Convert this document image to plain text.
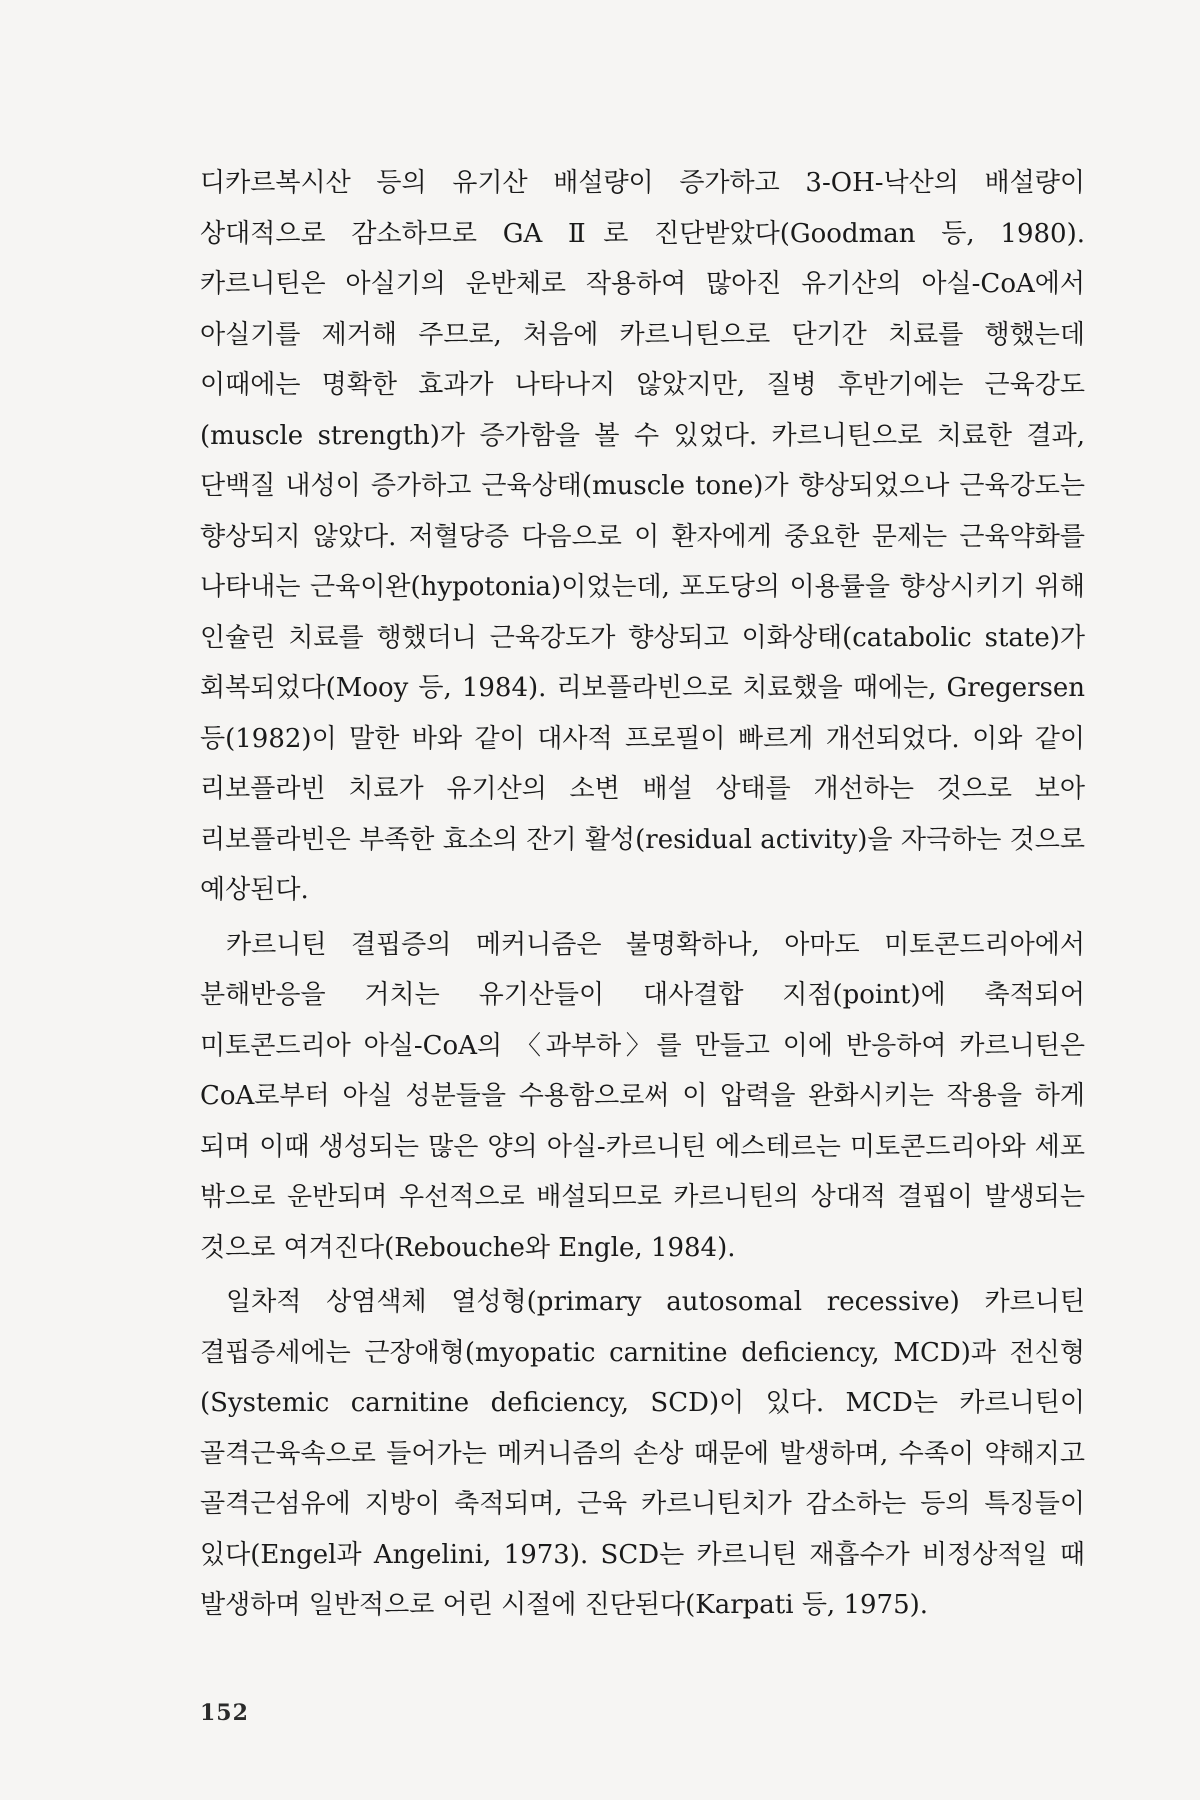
디카르복시산 등의 유기산 배설량이 증가하고 3-OH-낙산의 배설량이 상대적으로 감소하므로 GA Ⅱ로 진단받았다(Goodman 등, 1980). 카르니틴은 아실기의 운반체로 작용하여 많아진 유기산의 아실-CoA에서 아실기를 제거해 주므로, 처음에 카르니틴으로 단기간 치료를 행했는데 이때에는 명확한 효과가 나타나지 않았지만, 질병 후반기에는 근육강도(muscle strength)가 증가함을 볼 수 있었다. 카르니틴으로 치료한 결과, 단백질 내성이 증가하고 근육상태(muscle tone)가 향상되었으나 근육강도는 향상되지 않았다. 저혈당증 다음으로 이 환자에게 중요한 문제는 근육약화를 나타내는 근육이완(hypotonia)이었는데, 포도당의 이용률을 향상시키기 위해 인슐린 치료를 행했더니 근육강도가 향상되고 이화상태(catabolic state)가 회복되었다(Mooy 등, 1984). 리보플라빈으로 치료했을 때에는, Gregersen 등(1982)이 말한 바와 같이 대사적 프로필이 빠르게 개선되었다. 이와 같이 리보플라빈 치료가 유기산의 소변 배설 상태를 개선하는 것으로 보아 리보플라빈은 부족한 효소의 잔기 활성(residual activity)을 자극하는 것으로 예상된다.

카르니틴 결핍증의 메커니즘은 불명확하나, 아마도 미토콘드리아에서 분해반응을 거치는 유기산들이 대사결합 지점(point)에 축적되어 미토콘드리아 아실-CoA의 〈과부하〉를 만들고 이에 반응하여 카르니틴은 CoA로부터 아실 성분들을 수용함으로써 이 압력을 완화시키는 작용을 하게 되며 이때 생성되는 많은 양의 아실-카르니틴 에스테르는 미토콘드리아와 세포 밖으로 운반되며 우선적으로 배설되므로 카르니틴의 상대적 결핍이 발생되는 것으로 여겨진다(Rebouche와 Engle, 1984).

일차적 상염색체 열성형(primary autosomal recessive) 카르니틴 결핍증세에는 근장애형(myopatic carnitine deficiency, MCD)과 전신형(Systemic carnitine deficiency, SCD)이 있다. MCD는 카르니틴이 골격근육속으로 들어가는 메커니즘의 손상 때문에 발생하며, 수족이 약해지고 골격근섬유에 지방이 축적되며, 근육 카르니틴치가 감소하는 등의 특징들이 있다(Engel과 Angelini, 1973). SCD는 카르니틴 재흡수가 비정상적일 때 발생하며 일반적으로 어린 시절에 진단된다(Karpati 등, 1975).

152
